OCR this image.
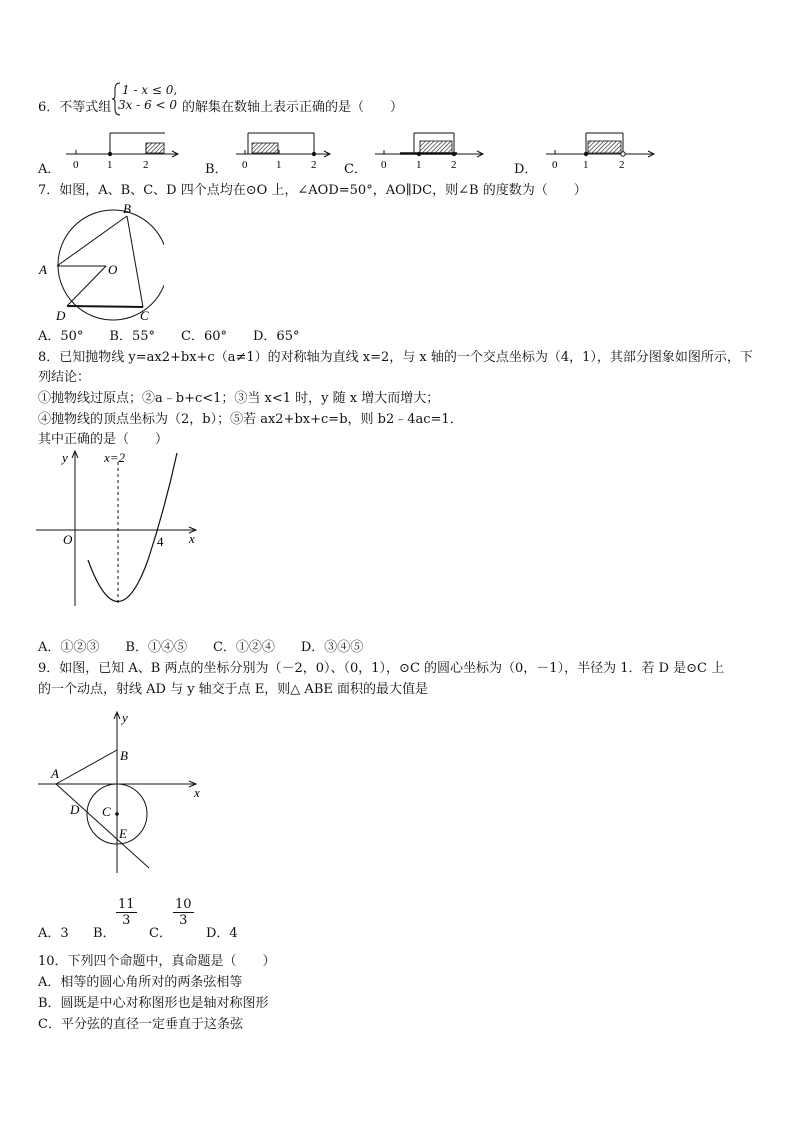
6．不等式组
1 - x ≤ 0,
3x - 6 < 0 的解集在数轴上表示正确的是（　　）
A．	B．	C．	D．
0	1	2	0	1	2	0	1	2	0 1	2
7．如图，A、B、C、D 四个点均在⊙O 上，∠AOD=50°，AO∥DC，则∠B 的度数为（　　）
B
A	O
D	C
A．50°　　B．55°　　C．60°　　D．65°
8．已知抛物线 y=ax2+bx+c（a≠1）的对称轴为直线 x=2，与 x 轴的一个交点坐标为（4，1），其部分图象如图所示，下
列结论：
①抛物线过原点；②a﹣b+c<1；③当 x<1 时，y 随 x 增大而增大；
④抛物线的顶点坐标为（2，b）；⑤若 ax2+bx+c=b，则 b2﹣4ac=1．
其中正确的是（　　）
y	x=2
O	4 x
A．①②③　　B．①④⑤　　C．①②④　　D．③④⑤
9．如图，已知 A、B 两点的坐标分别为（－2，0）、（0，1），⊙C 的圆心坐标为（0，－1），半径为 1．若 D 是⊙C 上
的一个动点，射线 AD 与 y 轴交于点 E，则△ ABE 面积的最大值是
y
B
A
x
D C
E
A．3 B．
$\frac{11}{3}$
C．
$\frac{10}{3}$
D．4
10．下列四个命题中，真命题是（　　）
A．相等的圆心角所对的两条弦相等
B．圆既是中心对称图形也是轴对称图形
C．平分弦的直径一定垂直于这条弦
